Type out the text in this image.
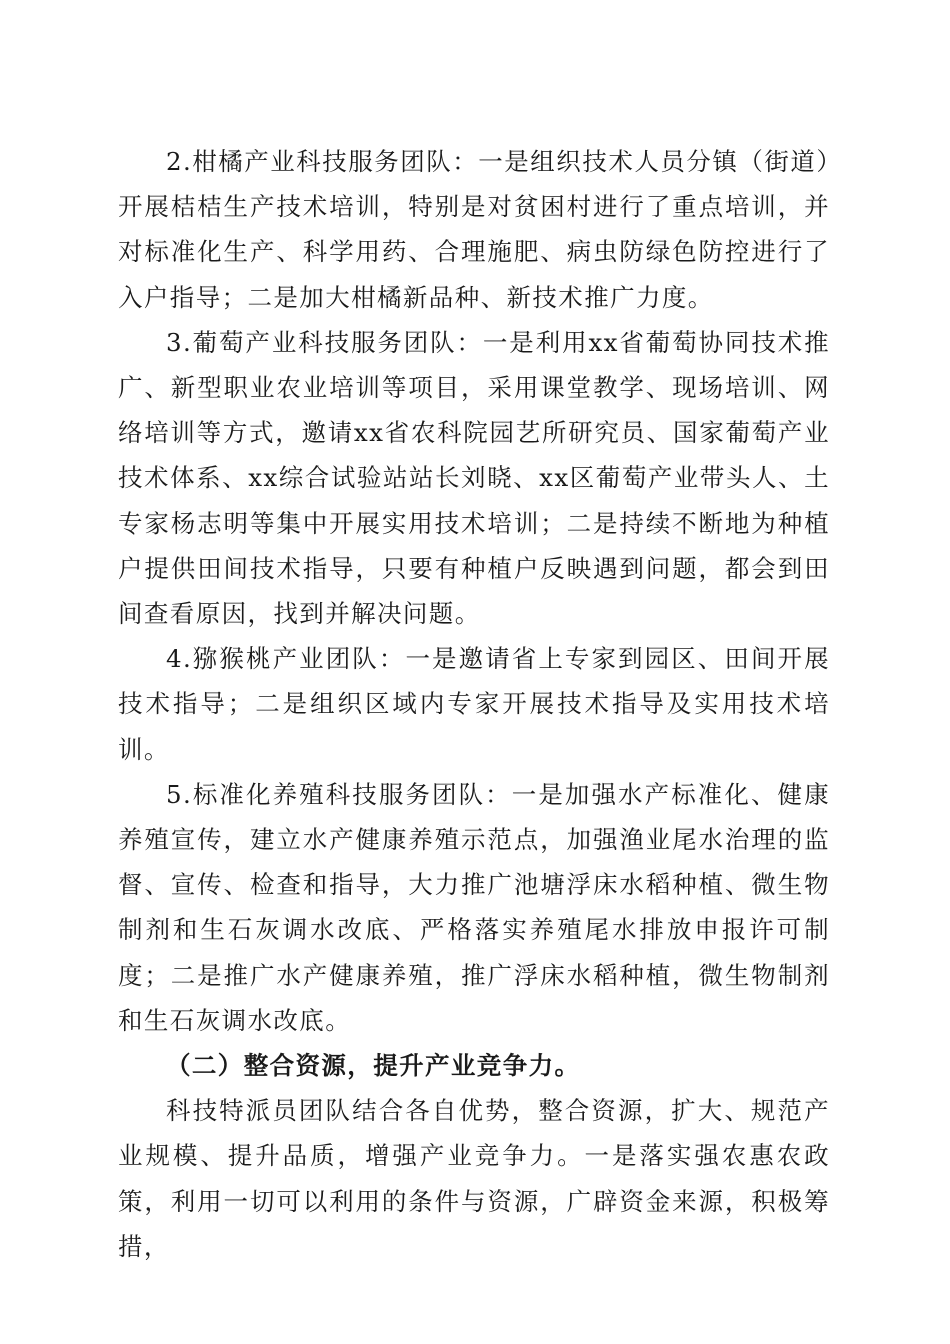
2.柑橘产业科技服务团队：一是组织技术人员分镇（街道）开展桔桔生产技术培训，特别是对贫困村进行了重点培训，并对标准化生产、科学用药、合理施肥、病虫防绿色防控进行了入户指导；二是加大柑橘新品种、新技术推广力度。

3.葡萄产业科技服务团队：一是利用xx省葡萄协同技术推广、新型职业农业培训等项目，采用课堂教学、现场培训、网络培训等方式，邀请xx省农科院园艺所研究员、国家葡萄产业技术体系、xx综合试验站站长刘晓、xx区葡萄产业带头人、土专家杨志明等集中开展实用技术培训；二是持续不断地为种植户提供田间技术指导，只要有种植户反映遇到问题，都会到田间查看原因，找到并解决问题。

4.猕猴桃产业团队：一是邀请省上专家到园区、田间开展技术指导；二是组织区域内专家开展技术指导及实用技术培训。

5.标准化养殖科技服务团队：一是加强水产标准化、健康养殖宣传，建立水产健康养殖示范点，加强渔业尾水治理的监督、宣传、检查和指导，大力推广池塘浮床水稻种植、微生物制剂和生石灰调水改底、严格落实养殖尾水排放申报许可制度；二是推广水产健康养殖，推广浮床水稻种植，微生物制剂和生石灰调水改底。

（二）整合资源，提升产业竞争力。

科技特派员团队结合各自优势，整合资源，扩大、规范产业规模、提升品质，增强产业竞争力。一是落实强农惠农政策，利用一切可以利用的条件与资源，广辟资金来源，积极筹措，
